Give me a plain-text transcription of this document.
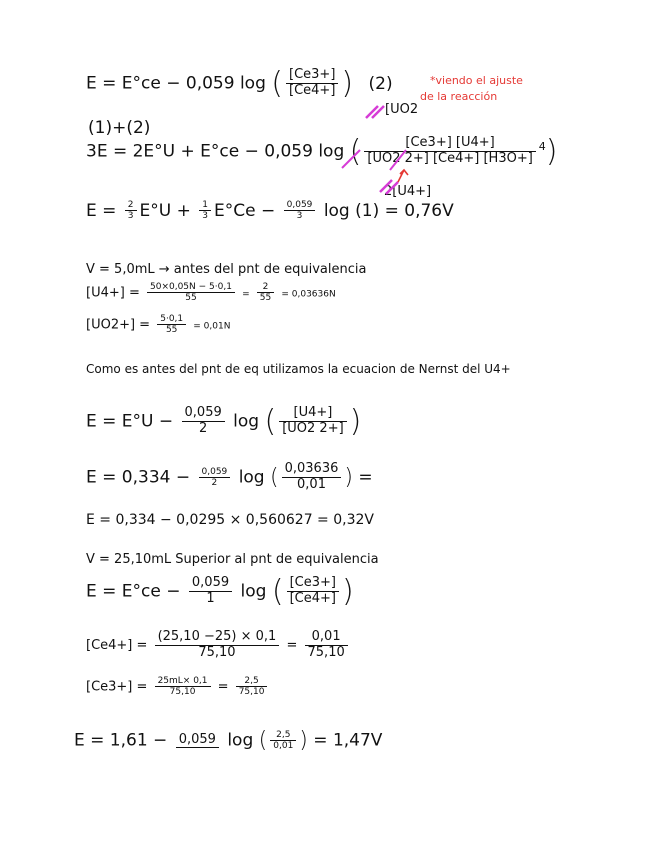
E = E°ce − 0,059 log ( $\frac{[Ce3+]}{[Ce4+]}$ ) (2)	*viendo el ajuste
de la reacción
[UO2
(1)+(2)
3E = 2E°U + E°ce − 0,059 log ( $\frac{[Ce3+] [U4+]}{[UO2 2+] [Ce4+] [H3O+]} ^4$)
2[U4+]
$E = \frac{2}{3} E^\circ U + \frac{1}{3} E^\circ Ce - \frac{0,059}{3}$ log (1) = 0,76V
V = 5,0mL → antes del pnt de equivalencia
$[U4+] = \frac{50\times 0,05N - 5\cdot 0,1}{55} = \frac{2}{55} = 0,03636N$
$[UO2+] = \frac{5\cdot 0,1}{55} = 0,01N$
Como es antes del pnt de eq utilizamos la ecuacion de Nernst del U4+
$E = E^\circ U - \frac{0,059}{2}$ log ( $\frac{[U4+]}{[UO2 2+]}$ )
$E = 0,334 - \frac{0,059}{2}$ log ( $\frac{0,03636}{0,01}$ ) =
E = 0,334 − 0,0295 × 0,560627 = 0,32V
V = 25,10mL Superior al pnt de equivalencia
$E = E^\circ ce - \frac{0,059}{1}$ log ( $\frac{[Ce3+]}{[Ce4+]}$ )
$[Ce4+] = \frac{(25,10 -25) \times 0,1}{75,10} = \frac{0,01}{75,10}$
$[Ce3+] = \frac{25mL\times 0,1}{75,10} = \frac{2,5}{75,10}$
E = 1,61 − 0,059 log ( $\frac{2,5}{0,01}$ ) = 1,47V
